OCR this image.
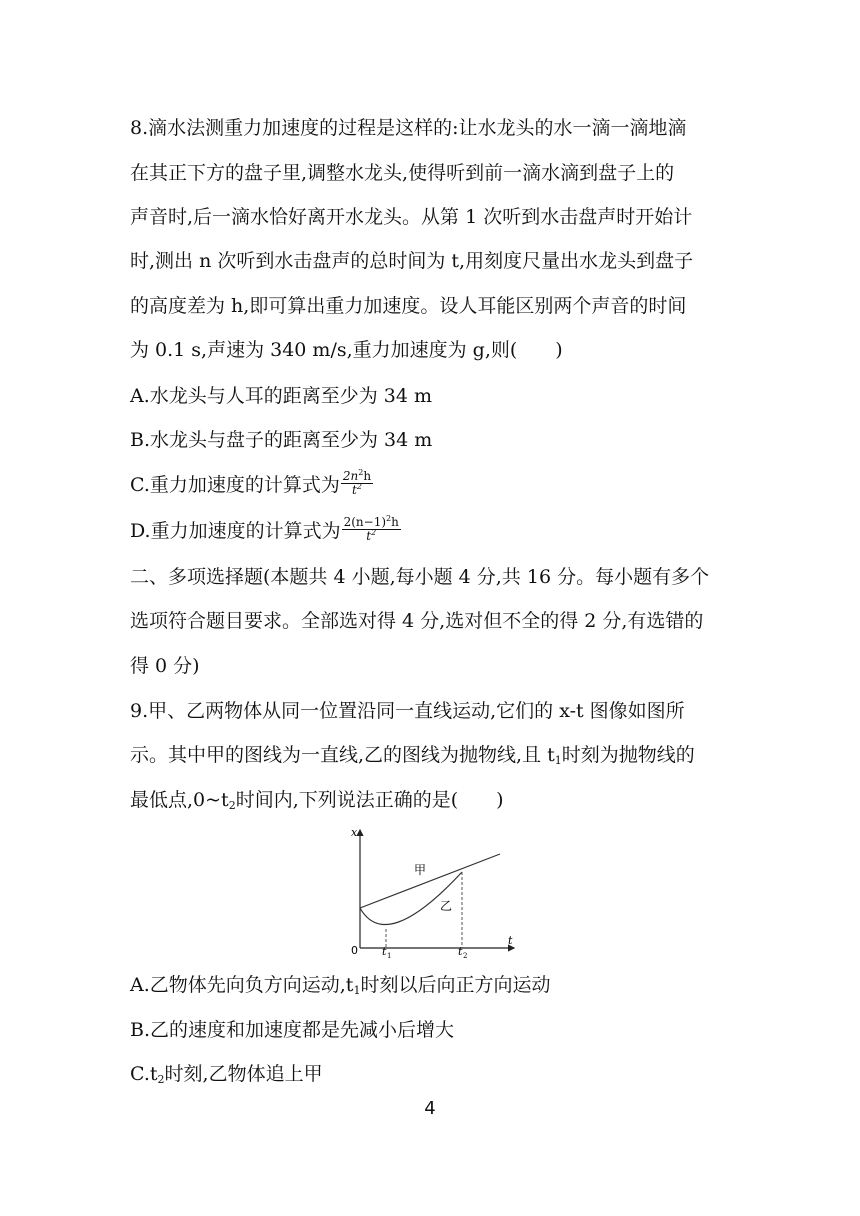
8.滴水法测重力加速度的过程是这样的:让水龙头的水一滴一滴地滴
在其正下方的盘子里,调整水龙头,使得听到前一滴水滴到盘子上的
声音时,后一滴水恰好离开水龙头。从第 1 次听到水击盘声时开始计
时,测出 n 次听到水击盘声的总时间为 t,用刻度尺量出水龙头到盘子
的高度差为 h,即可算出重力加速度。设人耳能区别两个声音的时间
为 0.1 s,声速为 340 m/s,重力加速度为 g,则(　　)
A.水龙头与人耳的距离至少为 34 m
B.水龙头与盘子的距离至少为 34 m
C.重力加速度的计算式为 $\frac{2n^2h}{t^2}$
D.重力加速度的计算式为 $\frac{2(n-1)^2h}{t^2}$
二、多项选择题(本题共 4 小题,每小题 4 分,共 16 分。每小题有多个
选项符合题目要求。全部选对得 4 分,选对但不全的得 2 分,有选错的
得 0 分)
9.甲、乙两物体从同一位置沿同一直线运动,它们的 x-t 图像如图所
示。其中甲的图线为一直线,乙的图线为抛物线,且 $t_1$时刻为抛物线的
最低点$,0\sim t_2$时间内,下列说法正确的是(　　)
x
t
0 t 1	t 2
甲
乙
A.乙物体先向负方向运动$,t_1$时刻以后向正方向运动
B.乙的速度和加速度都是先减小后增大
$C.t_2$时刻,乙物体追上甲
4
